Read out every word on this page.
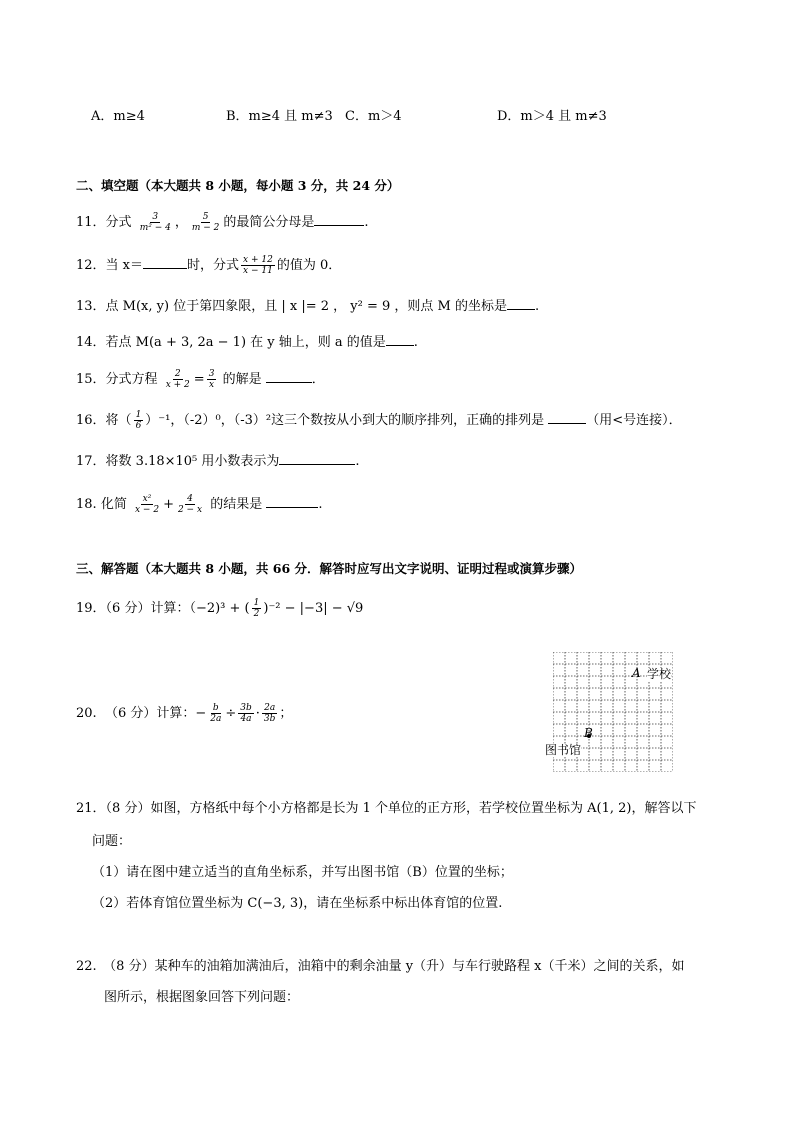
A．m≥4	B．m≥4 且 m≠3 C．m＞4	D．m＞4 且 m≠3
二、填空题（本大题共 8 小题，每小题 3 分，共 24 分）
11．分式 $\frac{3}{\text{m² − 4}}$ ， $\frac{5}{m - 2}$ 的最简公分母是	.
12．当 x＝	时，分式 $\frac{x + 12}{x - 11}$ 的值为 0．
13．点 M(x, y) 位于第四象限，且 | x |= 2 ， y² = 9 ，则点 M 的坐标是 .
14．若点 M(a + 3, 2a − 1) 在 y 轴上，则 a 的值是 .
15．分式方程 $\frac{2}{x + 2} = \frac{3}{x}$ 的解是	．
16．将（ $\frac{1}{6} )^{-1}$，（-2）⁰，（-3）²这三个数按从小到大的顺序排列，正确的排列是	（用<号连接）．
17．将数 3.18×10⁵ 用小数表示为	.
18. 化简 $\frac{\text{x²}}{x - 2} + \frac{4}{2 - x}$ 的结果是	.
三、解答题（本大题共 8 小题，共 66 分．解答时应写出文字说明、证明过程或演算步骤）
19．（6 分）计算：（−2)³ + ( $\frac{1}{2} )^{-2} - |-3| - √9$
20. （6 分）计算：− $\frac{b}{2a} \div \frac{3b}{4a} \cdot \frac{2a}{3b}$ ；
A 学校
B
图书馆
21．（8 分）如图，方格纸中每个小方格都是长为 1 个单位的正方形，若学校位置坐标为 A(1, 2)，解答以下
问题：
（1）请在图中建立适当的直角坐标系，并写出图书馆（B）位置的坐标；
（2）若体育馆位置坐标为 C(−3, 3)，请在坐标系中标出体育馆的位置.
22.　（8 分）某种车的油箱加满油后，油箱中的剩余油量 y（升）与车行驶路程 x（千米）之间的关系，如
图所示，根据图象回答下列问题：
